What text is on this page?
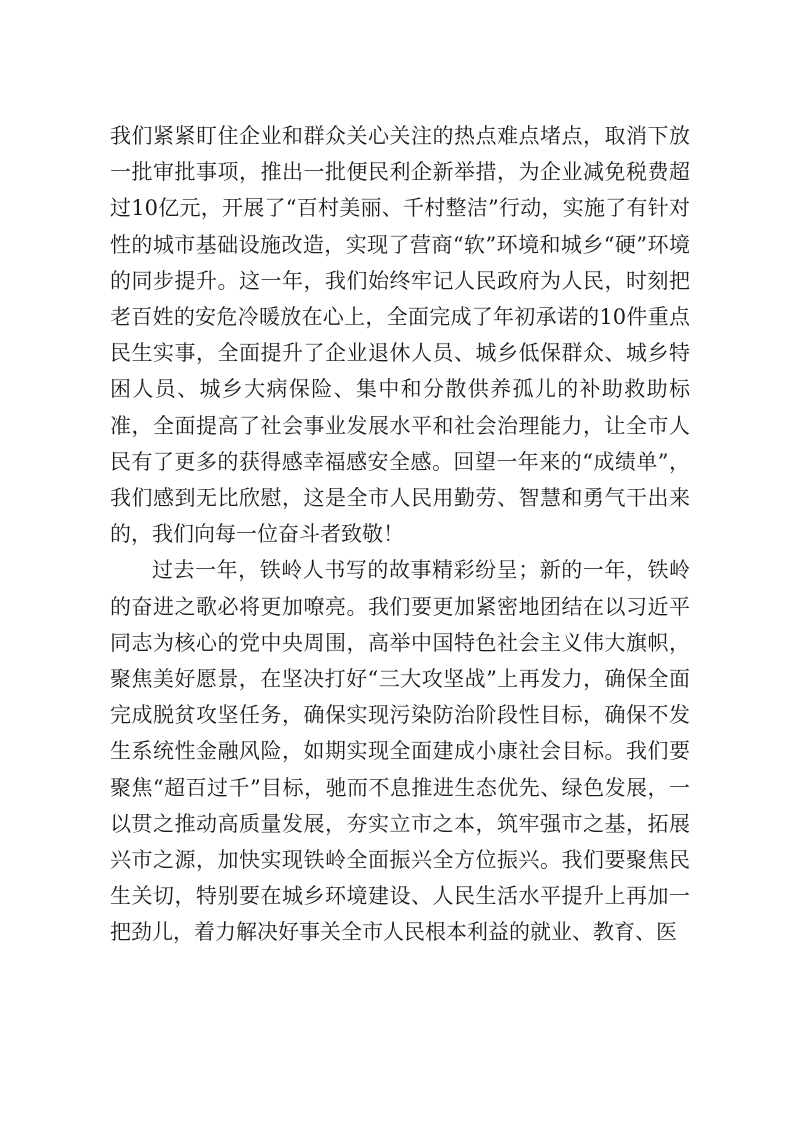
我们紧紧盯住企业和群众关心关注的热点难点堵点，取消下放一批审批事项，推出一批便民利企新举措，为企业减免税费超过10亿元，开展了“百村美丽、千村整洁”行动，实施了有针对性的城市基础设施改造，实现了营商“软”环境和城乡“硬”环境的同步提升。这一年，我们始终牢记人民政府为人民，时刻把老百姓的安危冷暖放在心上，全面完成了年初承诺的10件重点民生实事，全面提升了企业退休人员、城乡低保群众、城乡特困人员、城乡大病保险、集中和分散供养孤儿的补助救助标准，全面提高了社会事业发展水平和社会治理能力，让全市人民有了更多的获得感幸福感安全感。回望一年来的“成绩单”，我们感到无比欣慰，这是全市人民用勤劳、智慧和勇气干出来的，我们向每一位奋斗者致敬！

过去一年，铁岭人书写的故事精彩纷呈；新的一年，铁岭的奋进之歌必将更加嘹亮。我们要更加紧密地团结在以习近平同志为核心的党中央周围，高举中国特色社会主义伟大旗帜，聚焦美好愿景，在坚决打好“三大攻坚战”上再发力，确保全面完成脱贫攻坚任务，确保实现污染防治阶段性目标，确保不发生系统性金融风险，如期实现全面建成小康社会目标。我们要聚焦“超百过千”目标，驰而不息推进生态优先、绿色发展，一以贯之推动高质量发展，夯实立市之本，筑牢强市之基，拓展兴市之源，加快实现铁岭全面振兴全方位振兴。我们要聚焦民生关切，特别要在城乡环境建设、人民生活水平提升上再加一把劲儿，着力解决好事关全市人民根本利益的就业、教育、医
